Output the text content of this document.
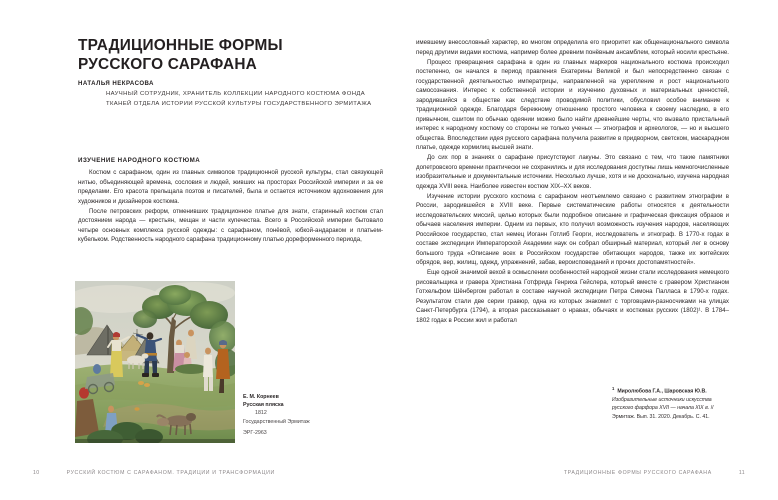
ТРАДИЦИОННЫЕ ФОРМЫ
РУССКОГО САРАФАНА
НАТАЛЬЯ НЕКРАСОВА
НАУЧНЫЙ СОТРУДНИК, ХРАНИТЕЛЬ КОЛЛЕКЦИИ НАРОДНОГО КОСТЮМА ФОНДА ТКАНЕЙ ОТДЕЛА ИСТОРИИ РУССКОЙ КУЛЬТУРЫ ГОСУДАРСТВЕННОГО ЭРМИТАЖА
ИЗУЧЕНИЕ НАРОДНОГО КОСТЮМА

Костюм с сарафаном, один из главных символов традиционной русской культуры, стал связующей нитью, объединяющей времена, сословия и людей, живших на просторах Российской империи и за ее пределами. Его красота прельщала поэтов и писателей, была и остается источником вдохновения для художников и дизайнеров костюма.

После петровских реформ, отменивших традиционное платье для знати, старинный костюм стал достоянием народа — крестьян, мещан и части купечества. Всего в Российской империи бытовало четыре основных комплекса русской одежды: с сарафаном, понёвой, юбкой-андараком и платьем-кубельком. Родственность народного сарафана традиционному платью дореформенного периода,

Е. М. Корнеев
Русская пляска
1812
Государственный Эрмитаж
ЭРГ-2963

имевшему внесословный характер, во многом определила его приоритет как общенационального символа перед другими видами костюма, например более древним понёвным ансамблем, который носили крестьяне.

Процесс превращения сарафана в один из главных маркеров национального костюма происходил постепенно, он начался в период правления Екатерины Великой и был непосредственно связан с государственной деятельностью императрицы, направленной на укрепление и рост национального самосознания. Интерес к собственной истории и изучению духовных и материальных ценностей, зародившийся в обществе как следствие проводимой политики, обусловил особое внимание к традиционной одежде. Благодаря бережному отношению простого человека к своему наследию, в его привычном, сшитом по обычаю одеянии можно было найти древнейшие черты, что вызвало пристальный интерес к народному костюму со стороны не только ученых — этнографов и археологов, — но и высшего общества. Впоследствии идея русского сарафана получила развитие в придворном, светском, маскарадном платье, одежде кормилиц высшей знати.

До сих пор в знаниях о сарафане присутствуют лакуны. Это связано с тем, что такие памятники допетровского времени практически не сохранились и для исследования доступны лишь немногочисленные изобразительные и документальные источники. Несколько лучше, хотя и не досконально, изучена народная одежда XVIII века. Наиболее известен костюм XIX–XX веков.

Изучение истории русского костюма с сарафаном неотъемлемо связано с развитием этнографии в России, зародившейся в XVIII веке. Первые систематические работы относятся к деятельности исследовательских миссий, целью которых были подробное описание и графическая фиксация образов и обычаев населения империи. Одним из первых, кто получил возможность изучения народов, населяющих Российское государство, стал немец Иоганн Готлиб Георги, исследователь и этнограф. В 1770-х годах в составе экспедиции Императорской Академии наук он собрал обширный материал, который лег в основу большого труда «Описание всех в Российском государстве обитающих народов, также их житейских обрядов, вер, жилищ, одежд, упражнений, забав, вероисповеданий и прочих достопамятностей».

Еще одной значимой вехой в осмыслении особенностей народной жизни стали исследования немецкого рисовальщика и гравера Христиана Готфрида Генриха Гейслера, который вместе с гравером Христианом Готхельфом Шёнбергом работал в составе научной экспедиции Петра Симона Палласа в 1790-х годах. Результатом стали две серии гравюр, одна из которых знакомит с торговцами-разносчиками на улицах Санкт-Петербурга (1794), а вторая рассказывает о нравах, обычаях и костюмах русских (1802)¹. В 1784–1802 годах в России жил и работал

$^1$Миролюбова Г.А., Шаровская Ю.В. Изобразительные источники искусства русского фарфора XVII — начала XIX в. // Эрмитаж. Вып. 31. 2020. Декабрь. С. 41.
10	РУССКИЙ КОСТЮМ С САРАФАНОМ. ТРАДИЦИИ И ТРАНСФОРМАЦИИ	ТРАДИЦИОННЫЕ ФОРМЫ РУССКОГО САРАФАНА	11
